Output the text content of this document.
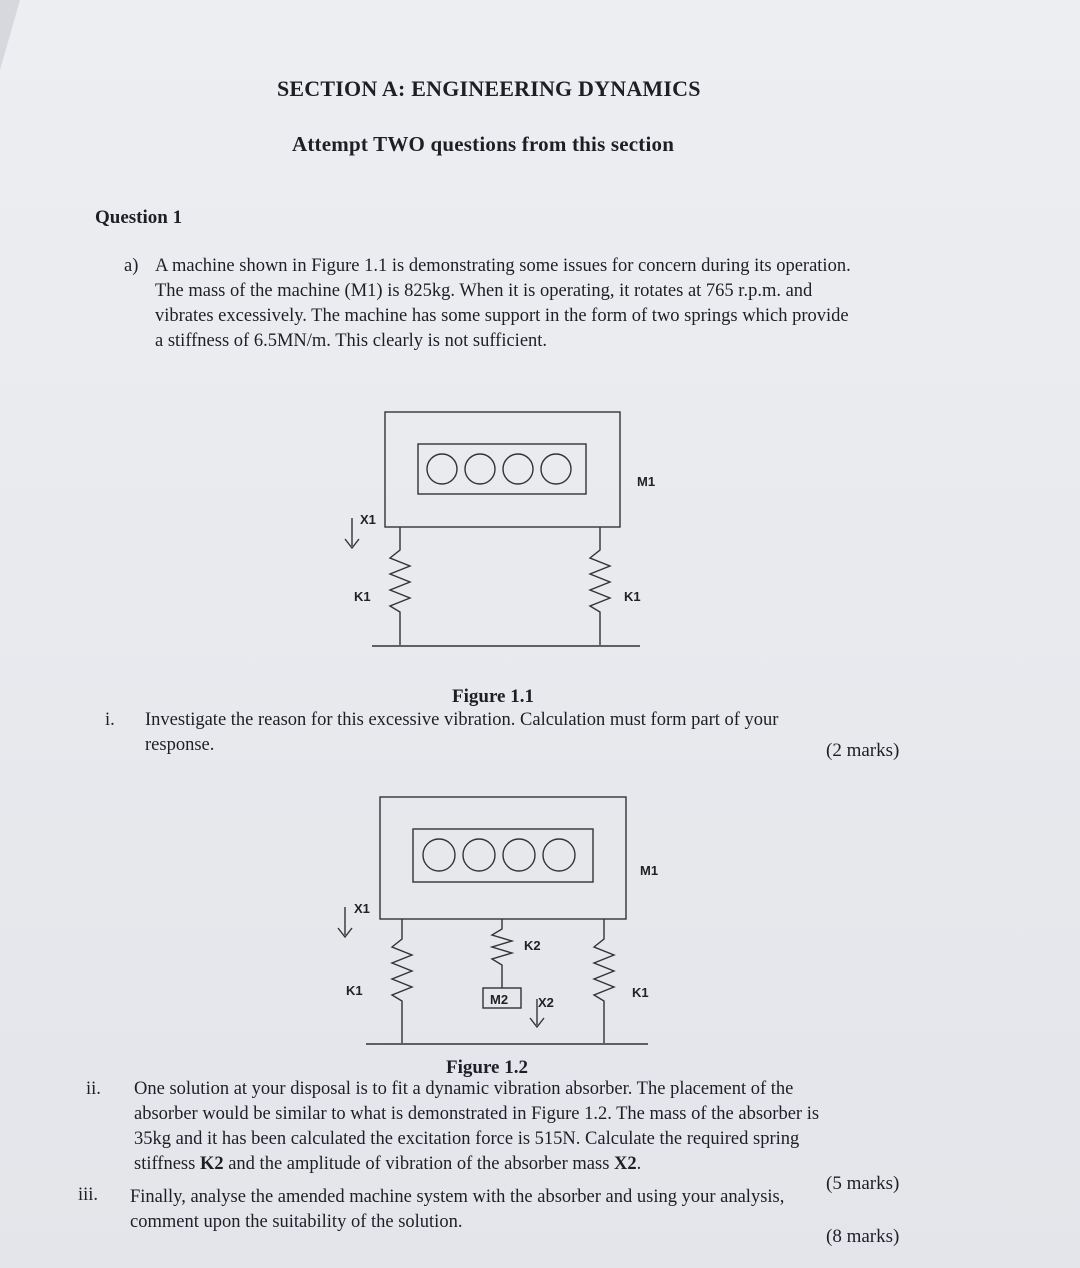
SECTION A: ENGINEERING DYNAMICS
Attempt TWO questions from this section
Question 1
a) A machine shown in Figure 1.1 is demonstrating some issues for concern during its operation.
The mass of the machine (M1) is 825kg. When it is operating, it rotates at 765 r.p.m. and
vibrates excessively. The machine has some support in the form of two springs which provide
a stiffness of 6.5MN/m. This clearly is not sufficient.
M1
X1
K1	K1
Figure 1.1
i. Investigate the reason for this excessive vibration. Calculation must form part of your
response.	(2 marks)
M1
X1
K2
M2 X2
K1	K1
Figure 1.2
ii. One solution at your disposal is to fit a dynamic vibration absorber. The placement of the
absorber would be similar to what is demonstrated in Figure 1.2. The mass of the absorber is
35kg and it has been calculated the excitation force is 515N. Calculate the required spring
stiffness K2 and the amplitude of vibration of the absorber mass X2.
(5 marks)
iii. Finally, analyse the amended machine system with the absorber and using your analysis,
comment upon the suitability of the solution.
(8 marks)
